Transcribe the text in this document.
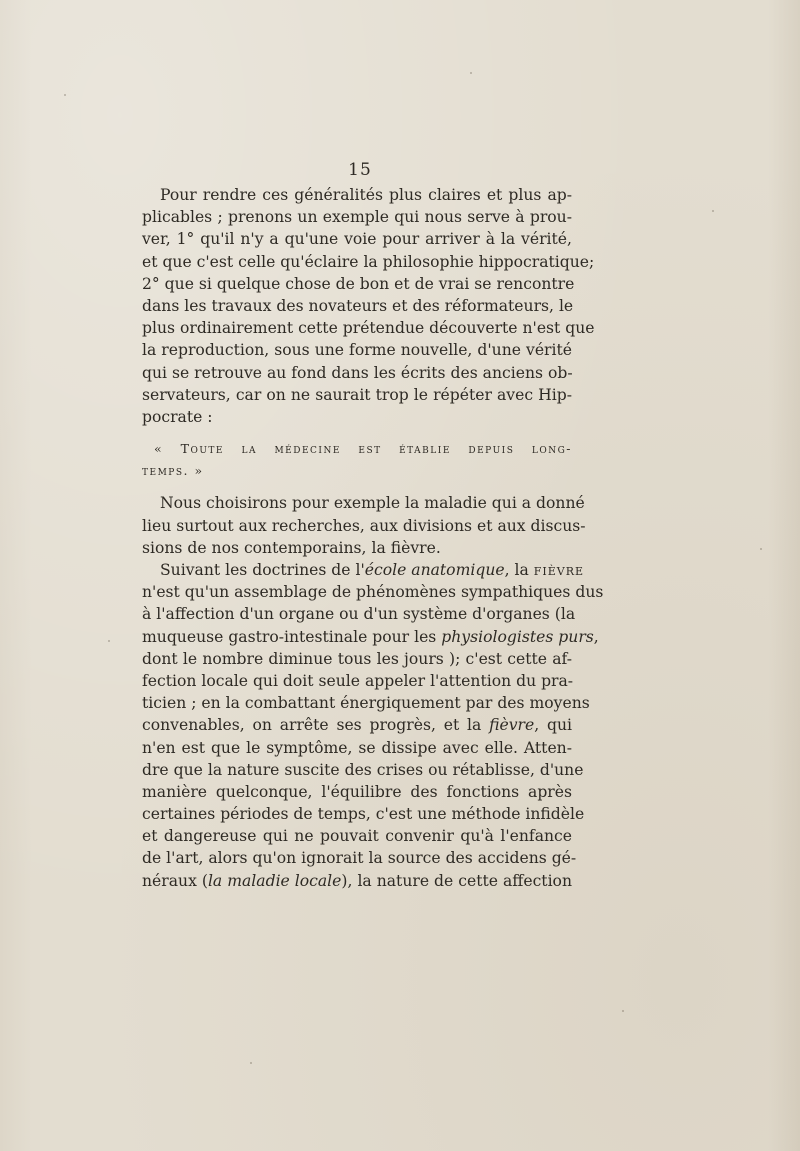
15
Pour rendre ces généralités plus claires et plus ap-
plicables ; prenons un exemple qui nous serve à prou-
ver, 1° qu'il n'y a qu'une voie pour arriver à la vérité,
et que c'est celle qu'éclaire la philosophie hippocratique;
2° que si quelque chose de bon et de vrai se rencontre
dans les travaux des novateurs et des réformateurs, le
plus ordinairement cette prétendue découverte n'est que
la reproduction, sous une forme nouvelle, d'une vérité
qui se retrouve au fond dans les écrits des anciens ob-
servateurs, car on ne saurait trop le répéter avec Hip-
pocrate :
« Toute la médecine est établie depuis long-
temps. »
Nous choisirons pour exemple la maladie qui a donné
lieu surtout aux recherches, aux divisions et aux discus-
sions de nos contemporains, la fièvre.
Suivant les doctrines de l'école anatomique, la fièvre
n'est qu'un assemblage de phénomènes sympathiques dus
à l'affection d'un organe ou d'un système d'organes (la
muqueuse gastro-intestinale pour les physiologistes purs,
dont le nombre diminue tous les jours ); c'est cette af-
fection locale qui doit seule appeler l'attention du pra-
ticien ; en la combattant énergiquement par des moyens
convenables, on arrête ses progrès, et la fièvre, qui
n'en est que le symptôme, se dissipe avec elle. Atten-
dre que la nature suscite des crises ou rétablisse, d'une
manière quelconque, l'équilibre des fonctions après
certaines périodes de temps, c'est une méthode infidèle
et dangereuse qui ne pouvait convenir qu'à l'enfance
de l'art, alors qu'on ignorait la source des accidens gé-
néraux (la maladie locale), la nature de cette affection
